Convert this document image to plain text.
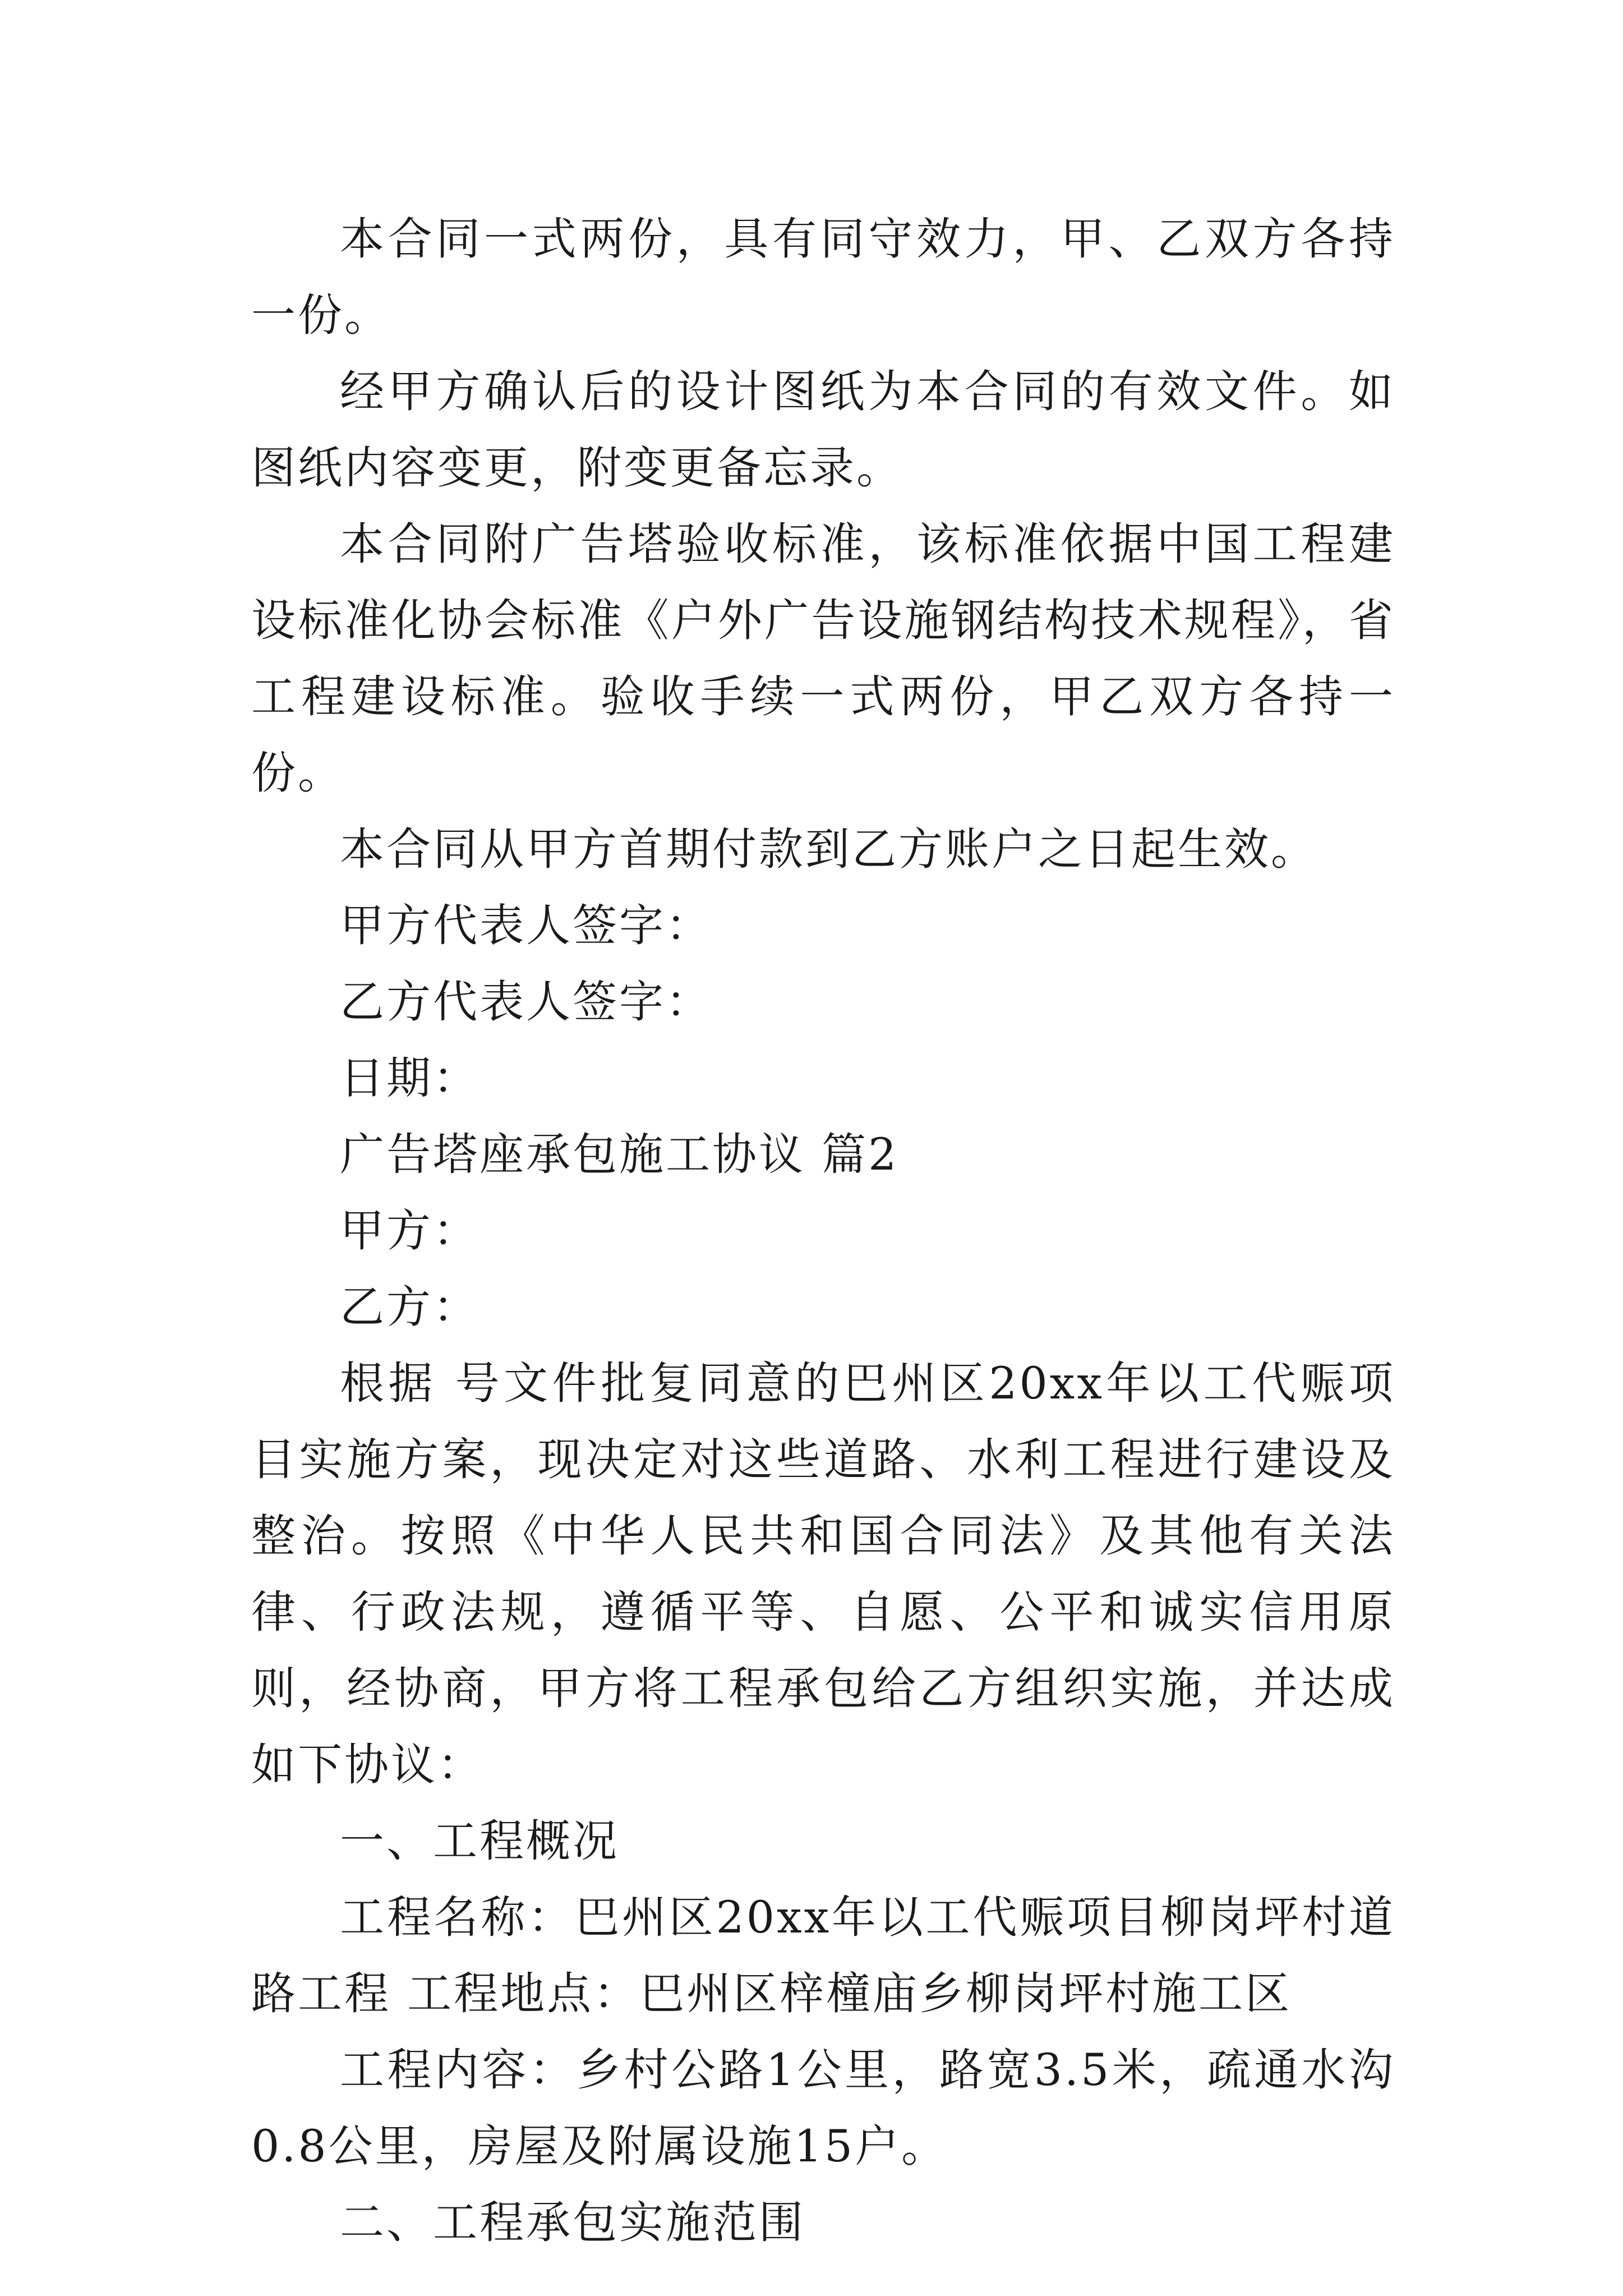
本合同一式两份，具有同守效力，甲、乙双方各持一份。

经甲方确认后的设计图纸为本合同的有效文件。如图纸内容变更，附变更备忘录。

本合同附广告塔验收标准，该标准依据中国工程建设标准化协会标准《户外广告设施钢结构技术规程》，省工程建设标准。验收手续一式两份，甲乙双方各持一份。

本合同从甲方首期付款到乙方账户之日起生效。

甲方代表人签字：

乙方代表人签字：

日期：

广告塔座承包施工协议 篇2

甲方：

乙方：

根据 号文件批复同意的巴州区20xx年以工代赈项目实施方案，现决定对这些道路、水利工程进行建设及整治。按照《中华人民共和国合同法》及其他有关法律、行政法规，遵循平等、自愿、公平和诚实信用原则，经协商，甲方将工程承包给乙方组织实施，并达成如下协议：

一、工程概况

工程名称：巴州区20xx年以工代赈项目柳岗坪村道路工程 工程地点：巴州区梓橦庙乡柳岗坪村施工区

工程内容：乡村公路1公里，路宽3.5米，疏通水沟0.8公里，房屋及附属设施15户。

二、工程承包实施范围
